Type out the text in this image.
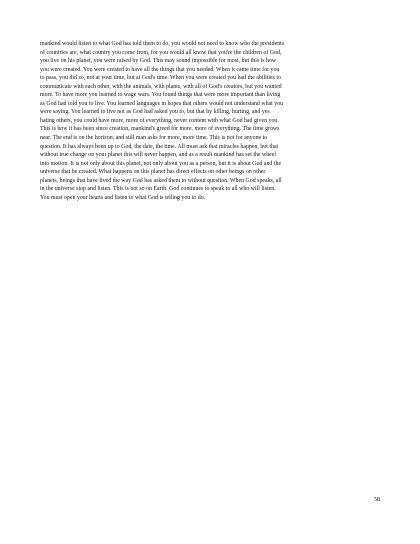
mankind would listen to what God has told them to do, you would not need to know who the presidents
of countries are, what country you come from, for you would all know that you're the children of God,
you live on his planet, you were raised by God. This may sound impossible for most, but this is how
you were created. You were created to have all the things that you needed. When it came time for you
to pass, you did so, not at your time, but at God's time. When you were created you had the abilities to
communicate with each other, with the animals, with plants, with all of God's creators, but you wanted
more. To have more you learned to wage wars. You found things that were more important than living
as God had told you to live. You learned languages in hopes that others would not understand what you
were saying. You learned to live not as God had asked you to, but that by killing, hurting, and yes
hating others, you could have more, more of everything, never content with what God had given you.
This is how it has been since creation, mankind's greed for more, more of everything. The time grows
near. The end is on the horizon, and still man asks for more, more time. This is not for anyone to
question. It has always been up to God, the date, the time. All must ask that miracles happen, but that
without true change on your planet this will never happen, and as a result mankind has set the wheel
into motion. It is not only about this planet, not only about you as a person, but it is about God and the
universe that he created. What happens on this planet has direct effects on other beings on other
planets, beings that have lived the way God has asked them to without question. When God speaks, all
in the universe stop and listen. This is not so on Earth. God continues to speak to all who will listen.
You must open your hearts and listen to what God is telling you to do.
58
